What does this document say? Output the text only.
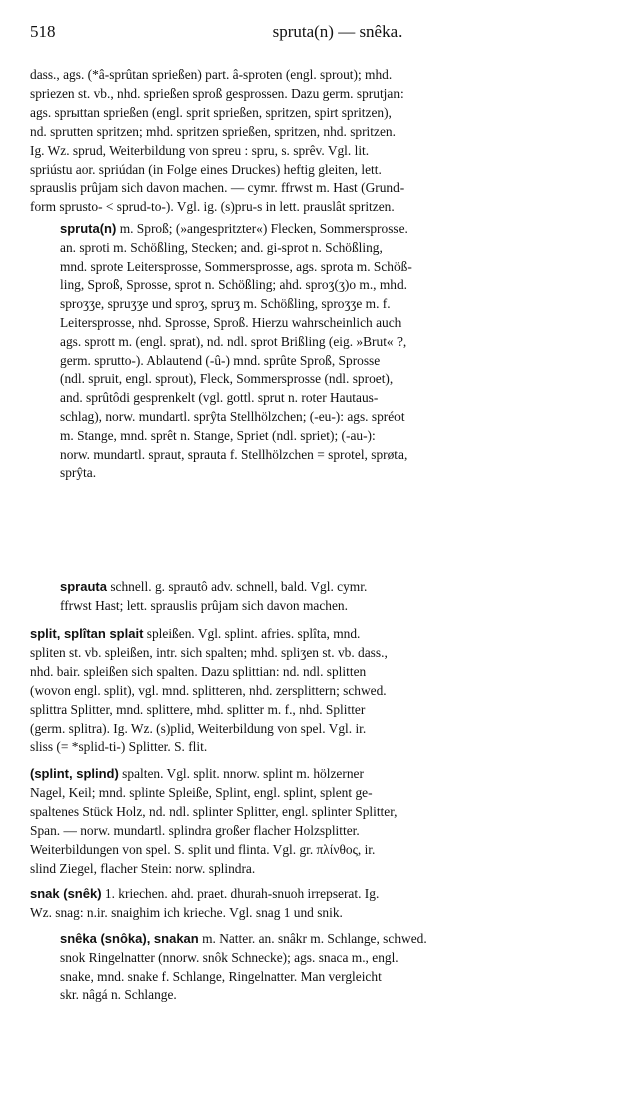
518	spruta(n) — snêka.
dass., ags. (*â-sprûtan sprießen) part. â-sproten (engl. sprout); mhd.
spriezen st. vb., nhd. sprießen sproß gesprossen. Dazu germ. sprutjan:
ags. sprыttan sprießen (engl. sprit sprießen, spritzen, spirt spritzen),
nd. sprutten spritzen; mhd. spritzen sprießen, spritzen, nhd. spritzen.
Ig. Wz. sprud, Weiterbildung von spreu : spru, s. sprêv. Vgl. lit.
spriústu aor. spriúdan (in Folge eines Druckes) heftig gleiten, lett.
sprauslis prûjam sich davon machen. — cymr. ffrwst m. Hast (Grund-
form sprusto- < sprud-to-). Vgl. ig. (s)pru-s in lett. prauslât spritzen.
spruta(n) m. Sproß; (»angespritzter«) Flecken, Sommersprosse.
an. sproti m. Schößling, Stecken; and. gi-sprot n. Schößling,
mnd. sprote Leitersprosse, Sommersprosse, ags. sprota m. Schöß-
ling, Sproß, Sprosse, sprot n. Schößling; ahd. sproʒ(ʒ)o m., mhd.
sproʒʒe, spruʒʒe und sproʒ, spruʒ m. Schößling, sproʒʒe m. f.
Leitersprosse, nhd. Sprosse, Sproß. Hierzu wahrscheinlich auch
ags. sprott m. (engl. sprat), nd. ndl. sprot Brißling (eig. »Brut« ?,
germ. sprutto-). Ablautend (-û-) mnd. sprûte Sproß, Sprosse
(ndl. spruit, engl. sprout), Fleck, Sommersprosse (ndl. sproet),
and. sprûtôdi gesprenkelt (vgl. gottl. sprut n. roter Hautaus-
schlag), norw. mundartl. sprŷta Stellhölzchen; (-eu-): ags. spréot
m. Stange, mnd. sprêt n. Stange, Spriet (ndl. spriet); (-au-):
norw. mundartl. spraut, sprauta f. Stellhölzchen = sprotel, sprøta,
sprŷta.
sprauta schnell. g. sprautô adv. schnell, bald. Vgl. cymr.
ffrwst Hast; lett. sprauslis prûjam sich davon machen.
split, splîtan splait spleißen. Vgl. splint. afries. splîta, mnd.
spliten st. vb. spleißen, intr. sich spalten; mhd. spliʒen st. vb. dass.,
nhd. bair. spleißen sich spalten. Dazu splittian: nd. ndl. splitten
(wovon engl. split), vgl. mnd. splitteren, nhd. zersplittern; schwed.
splittra Splitter, mnd. splittere, mhd. splitter m. f., nhd. Splitter
(germ. splitra). Ig. Wz. (s)plid, Weiterbildung von spel. Vgl. ir.
sliss (= *splid-ti-) Splitter. S. flit.
(splint, splind) spalten. Vgl. split. nnorw. splint m. hölzerner
Nagel, Keil; mnd. splinte Spleiße, Splint, engl. splint, splent ge-
spaltenes Stück Holz, nd. ndl. splinter Splitter, engl. splinter Splitter,
Span. — norw. mundartl. splindra großer flacher Holzsplitter.
Weiterbildungen von spel. S. split und flinta. Vgl. gr. πλίνθος, ir.
slind Ziegel, flacher Stein: norw. splindra.
snak (snêk) 1. kriechen. ahd. praet. dhurah-snuoh irrepserat. Ig.
Wz. snag: n.ir. snaighim ich krieche. Vgl. snag 1 und snik.
snêka (snôka), snakan m. Natter. an. snâkr m. Schlange, schwed.
snok Ringelnatter (nnorw. snôk Schnecke); ags. snaca m., engl.
snake, mnd. snake f. Schlange, Ringelnatter. Man vergleicht
skr. nâgá n. Schlange.
